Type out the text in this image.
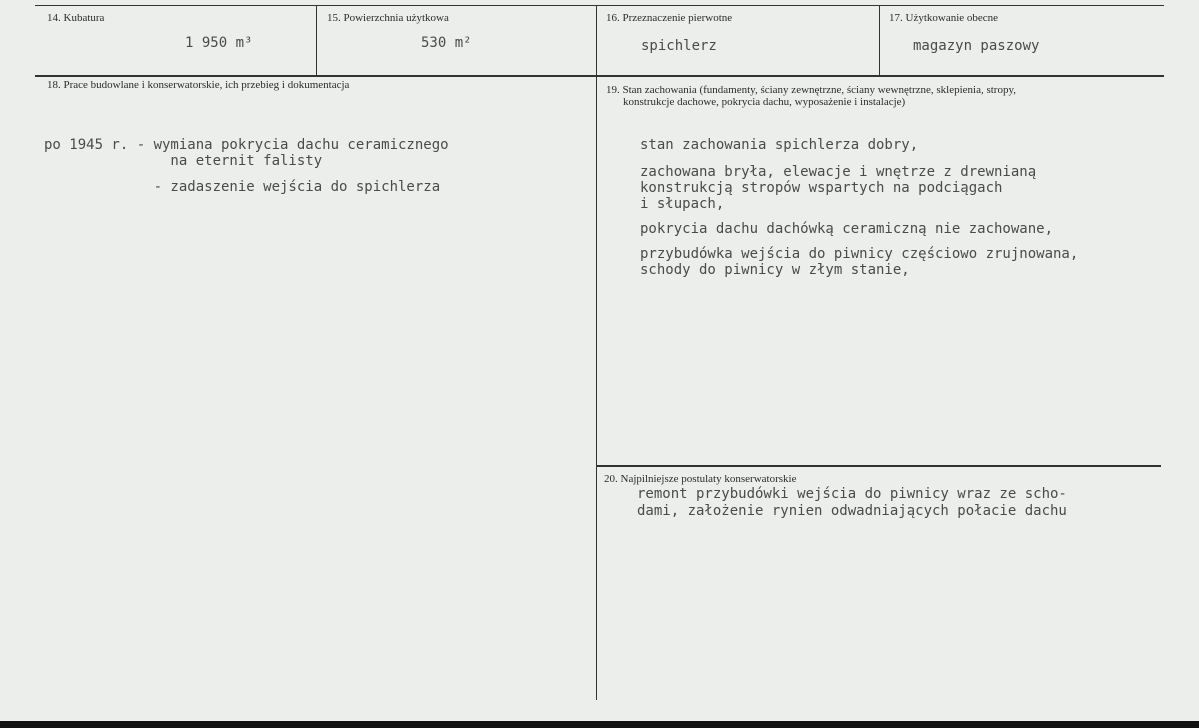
14. Kubatura
1 950 m³
15. Powierzchnia użytkowa
530 m²
16. Przeznaczenie pierwotne
spichlerz
17. Użytkowanie obecne
magazyn paszowy
18. Prace budowlane i konserwatorskie, ich przebieg i dokumentacja
po 1945 r. - wymiana pokrycia dachu ceramicznego
na eternit falisty
- zadaszenie wejścia do spichlerza
19. Stan zachowania (fundamenty, ściany zewnętrzne, ściany wewnętrzne, sklepienia, stropy,
konstrukcje dachowe, pokrycia dachu, wyposażenie i instalacje)
stan zachowania spichlerza dobry,
zachowana bryła, elewacje i wnętrze z drewnianą
konstrukcją stropów wspartych na podciągach
i słupach,
pokrycia dachu dachówką ceramiczną nie zachowane,
przybudówka wejścia do piwnicy częściowo zrujnowana,
schody do piwnicy w złym stanie,
20. Najpilniejsze postulaty konserwatorskie
remont przybudówki wejścia do piwnicy wraz ze scho-
dami, założenie rynien odwadniających połacie dachu
